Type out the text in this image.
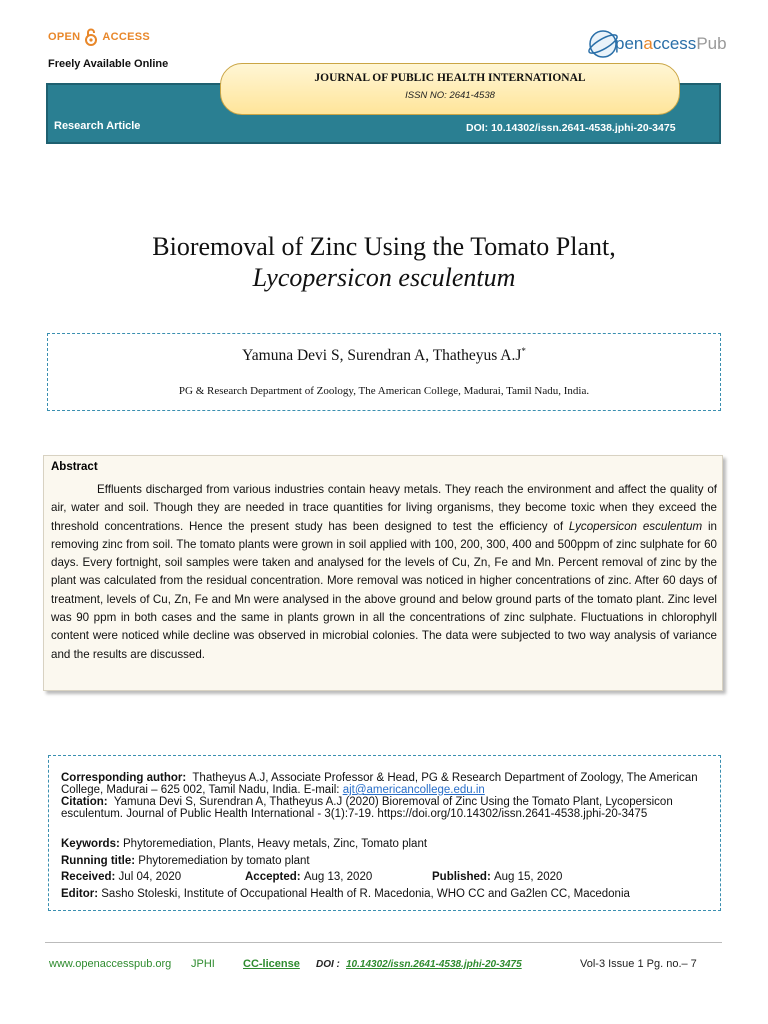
OPEN ACCESS
Freely Available Online
pen a ccess Pub
JOURNAL OF PUBLIC HEALTH INTERNATIONAL
ISSN NO: 2641-4538
Research Article	DOI: 10.14302/issn.2641-4538.jphi-20-3475
Bioremoval of Zinc Using the Tomato Plant,
Lycopersicon esculentum
Yamuna Devi S, Surendran A, Thatheyus A.J*
PG & Research Department of Zoology, The American College, Madurai, Tamil Nadu, India.
Abstract
Effluents discharged from various industries contain heavy metals. They reach the environment and affect the quality of air, water and soil. Though they are needed in trace quantities for living organisms, they become toxic when they exceed the threshold concentrations. Hence the present study has been designed to test the efficiency of Lycopersicon esculentum in removing zinc from soil. The tomato plants were grown in soil applied with 100, 200, 300, 400 and 500ppm of zinc sulphate for 60 days. Every fortnight, soil samples were taken and analysed for the levels of Cu, Zn, Fe and Mn. Percent removal of zinc by the plant was calculated from the residual concentration. More removal was noticed in higher concentrations of zinc. After 60 days of treatment, levels of Cu, Zn, Fe and Mn were analysed in the above ground and below ground parts of the tomato plant. Zinc level was 90 ppm in both cases and the same in plants grown in all the concentrations of zinc sulphate. Fluctuations in chlorophyll content were noticed while decline was observed in microbial colonies. The data were subjected to two way analysis of variance and the results are discussed.
Corresponding author: Thatheyus A.J, Associate Professor & Head, PG & Research Department of Zoology, The American College, Madurai – 625 002, Tamil Nadu, India. E-mail: ajt@americancollege.edu.in
Citation: Yamuna Devi S, Surendran A, Thatheyus A.J (2020) Bioremoval of Zinc Using the Tomato Plant, Lycopersicon esculentum. Journal of Public Health International - 3(1):7-19. https://doi.org/10.14302/issn.2641-4538.jphi-20-3475
Keywords: Phytoremediation, Plants, Heavy metals, Zinc, Tomato plant
Running title: Phytoremediation by tomato plant
Received: Jul 04, 2020	Accepted: Aug 13, 2020	Published: Aug 15, 2020
Editor: Sasho Stoleski, Institute of Occupational Health of R. Macedonia, WHO CC and Ga2len CC, Macedonia
www.openaccesspub.org JPHI	CC-license DOI : 10.14302/issn.2641-4538.jphi-20-3475	Vol-3 Issue 1 Pg. no.– 7
